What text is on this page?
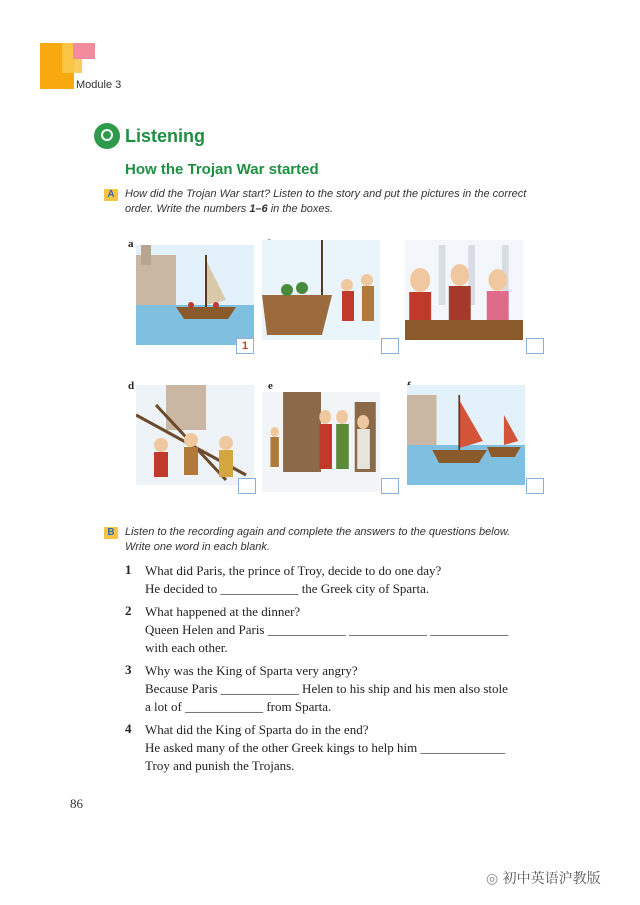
Module 3
Listening
How the Trojan War started
A How did the Trojan War start? Listen to the story and put the pictures in the correct
order. Write the numbers 1–6 in the boxes.
a
1
d	e
B Listen to the recording again and complete the answers to the questions below.
Write one word in each blank.
1 What did Paris, the prince of Troy, decide to do one day?
He decided to ____________ the Greek city of Sparta.
2 What happened at the dinner?
Queen Helen and Paris ____________ ____________ ____________
with each other.
3 Why was the King of Sparta very angry?
Because Paris ____________ Helen to his ship and his men also stole
a lot of ____________ from Sparta.
4 What did the King of Sparta do in the end?
He asked many of the other Greek kings to help him _____________
Troy and punish the Trojans.
86
◎ 初中英语沪教版
